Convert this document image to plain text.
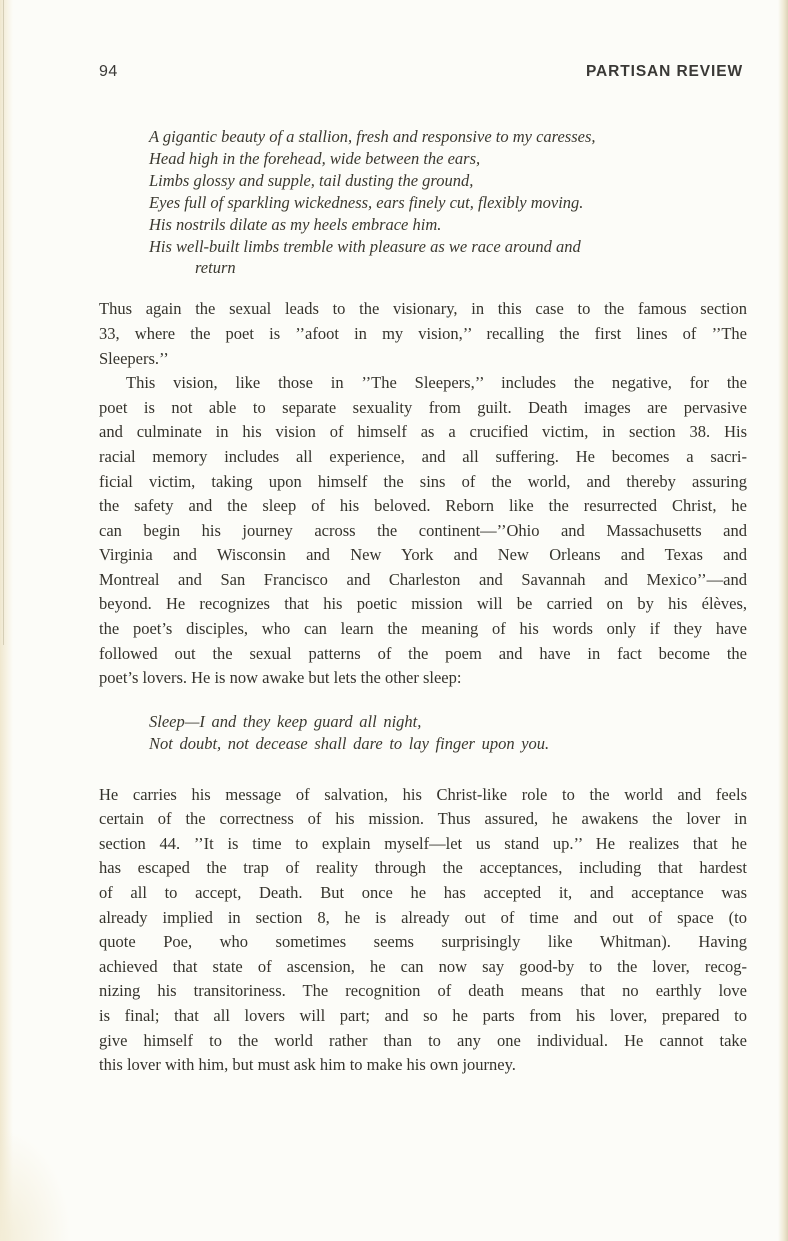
94	PARTISAN REVIEW
A gigantic beauty of a stallion, fresh and responsive to my caresses,
Head high in the forehead, wide between the ears,
Limbs glossy and supple, tail dusting the ground,
Eyes full of sparkling wickedness, ears finely cut, flexibly moving.
His nostrils dilate as my heels embrace him.
His well-built limbs tremble with pleasure as we race around and
return
Thus again the sexual leads to the visionary, in this case to the famous section
33, where the poet is ’’afoot in my vision,’’ recalling the first lines of ’’The
Sleepers.’’
This vision, like those in ’’The Sleepers,’’ includes the negative, for the
poet is not able to separate sexuality from guilt. Death images are pervasive
and culminate in his vision of himself as a crucified victim, in section 38. His
racial memory includes all experience, and all suffering. He becomes a sacri-
ficial victim, taking upon himself the sins of the world, and thereby assuring
the safety and the sleep of his beloved. Reborn like the resurrected Christ, he
can begin his journey across the continent—’’Ohio and Massachusetts and
Virginia and Wisconsin and New York and New Orleans and Texas and
Montreal and San Francisco and Charleston and Savannah and Mexico’’—and
beyond. He recognizes that his poetic mission will be carried on by his élèves,
the poet’s disciples, who can learn the meaning of his words only if they have
followed out the sexual patterns of the poem and have in fact become the
poet’s lovers. He is now awake but lets the other sleep:
Sleep—I and they keep guard all night,
Not doubt, not decease shall dare to lay finger upon you.
He carries his message of salvation, his Christ-like role to the world and feels
certain of the correctness of his mission. Thus assured, he awakens the lover in
section 44. ’’It is time to explain myself—let us stand up.’’ He realizes that he
has escaped the trap of reality through the acceptances, including that hardest
of all to accept, Death. But once he has accepted it, and acceptance was
already implied in section 8, he is already out of time and out of space (to
quote Poe, who sometimes seems surprisingly like Whitman). Having
achieved that state of ascension, he can now say good-by to the lover, recog-
nizing his transitoriness. The recognition of death means that no earthly love
is final; that all lovers will part; and so he parts from his lover, prepared to
give himself to the world rather than to any one individual. He cannot take
this lover with him, but must ask him to make his own journey.
